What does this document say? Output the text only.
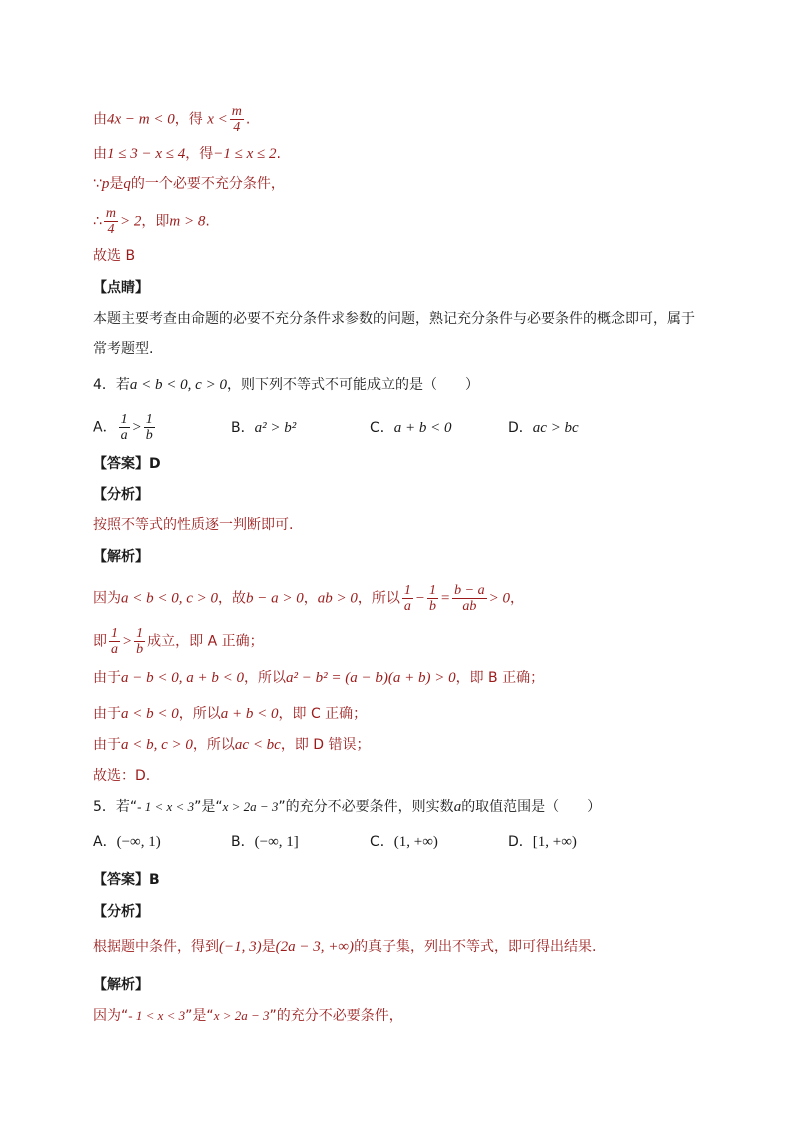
由4x − m < 0，得 $x < \frac{m}{4}$ .
由1 ≤ 3 − x ≤ 4，得−1 ≤ x ≤ 2.
∵p是q的一个必要不充分条件，
∴ $\frac{m}{4} > 2$，即m > 8.
故选 B
【点睛】
本题主要考查由命题的必要不充分条件求参数的问题，熟记充分条件与必要条件的概念即可，属于
常考题型.
4．若a < b < 0, c > 0，则下列不等式不可能成立的是（　　）
A． $\frac{1}{a} > \frac{1}{b}$	B．a² > b²	C．a + b < 0	D．ac > bc
【答案】D
【分析】
按照不等式的性质逐一判断即可.
【解析】
因为a < b < 0, c > 0，故b − a > 0，ab > 0，所以 $\frac{1}{a} - \frac{1}{b} = \frac{b - a}{ab} > 0$，
即 $\frac{1}{a} > \frac{1}{b}$ 成立，即 A 正确；
由于a − b < 0, a + b < 0，所以a² − b² = (a − b)(a + b) > 0，即 B 正确；
由于a < b < 0，所以a + b < 0，即 C 正确；
由于a < b, c > 0，所以ac < bc，即 D 错误；
故选：D.
5．若“- 1 < x < 3”是“x > 2a − 3”的充分不必要条件，则实数a的取值范围是（　　）
A．(−∞, 1)	B．(−∞, 1]	C．(1, +∞)	D．[1, +∞)
【答案】B
【分析】
根据题中条件，得到(−1, 3)是(2a − 3, +∞)的真子集，列出不等式，即可得出结果.
【解析】
因为“- 1 < x < 3”是“x > 2a − 3”的充分不必要条件，
